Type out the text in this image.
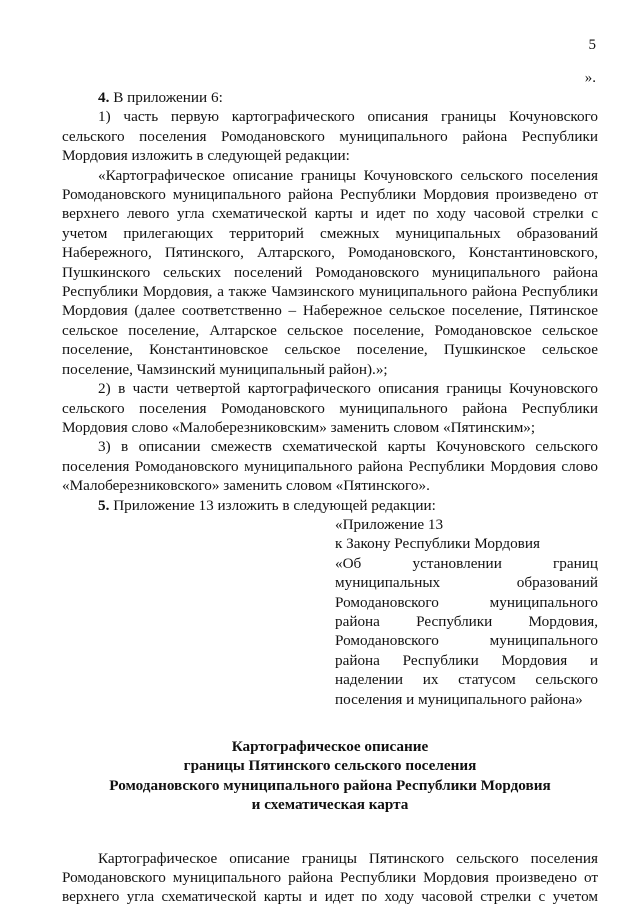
5
».

4. В приложении 6:

1) часть первую картографического описания границы Кочуновского сельского поселения Ромодановского муниципального района Республики Мордовия изложить в следующей редакции:

«Картографическое описание границы Кочуновского сельского поселения Ромодановского муниципального района Республики Мордовия произведено от верхнего левого угла схематической карты и идет по ходу часовой стрелки с учетом прилегающих территорий смежных муниципальных образований Набережного, Пятинского, Алтарского, Ромодановского, Константиновского, Пушкинского сельских поселений Ромодановского муниципального района Республики Мордовия, а также Чамзинского муниципального района Республики Мордовия (далее соответственно – Набережное сельское поселение, Пятинское сельское поселение, Алтарское сельское поселение, Ромодановское сельское поселение, Константиновское сельское поселение, Пушкинское сельское поселение, Чамзинский муниципальный район).»;

2) в части четвертой картографического описания границы Кочуновского сельского поселения Ромодановского муниципального района Республики Мордовия слово «Малоберезниковским» заменить словом «Пятинским»;

3) в описании смежеств схематической карты Кочуновского сельского поселения Ромодановского муниципального района Республики Мордовия слово «Малоберезниковского» заменить словом «Пятинского».

5. Приложение 13 изложить в следующей редакции:

«Приложение 13
к Закону Республики Мордовия
«Об установлении границ
муниципальных образований
Ромодановского муниципального
района Республики Мордовия,
Ромодановского муниципального
района Республики Мордовия и
наделении их статусом сельского
поселения и муниципального района»
Картографическое описание
границы Пятинского сельского поселения
Ромодановского муниципального района Республики Мордовия
и схематическая карта

Картографическое описание границы Пятинского сельского поселения Ромодановского муниципального района Республики Мордовия произведено от верхнего угла схематической карты и идет по ходу часовой стрелки с учетом
